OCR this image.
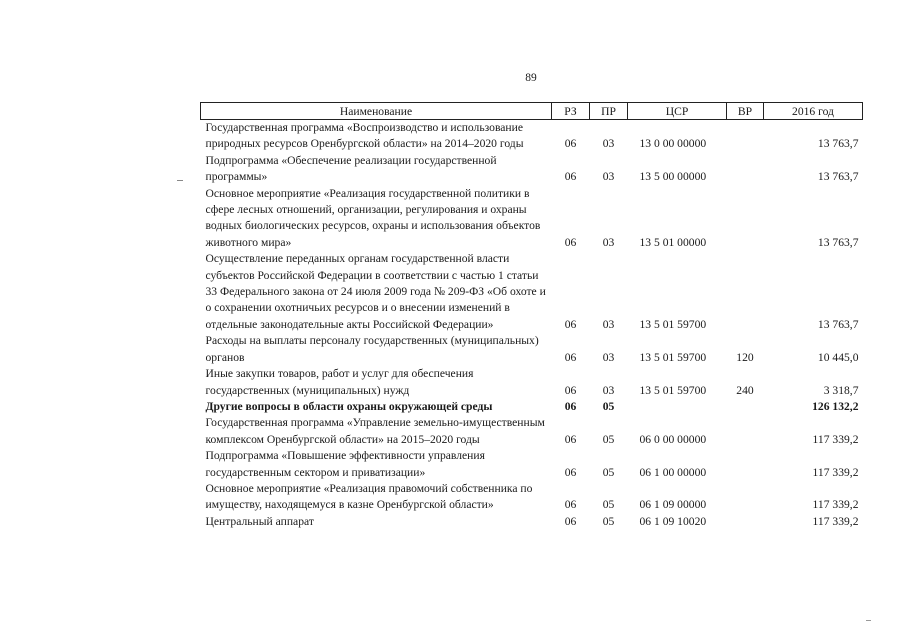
89
Наименование	РЗ	ПР	ЦСР	ВР	2016 год
Государственная программа «Воспроизводство и использование природных ресурсов Оренбургской области» на 2014–2020 годы	06	03	13 0 00 00000		13 763,7
Подпрограмма «Обеспечение реализации государственной программы»	06	03	13 5 00 00000		13 763,7
Основное мероприятие «Реализация государственной политики в сфере лесных отношений, организации, регулирования и охраны водных биологических ресурсов, охраны и использования объектов животного мира»	06	03	13 5 01 00000		13 763,7
Осуществление переданных органам государственной власти субъектов Российской Федерации в соответствии с частью 1 статьи 33 Федерального закона от 24 июля 2009 года № 209-ФЗ «Об охоте и о сохранении охотничьих ресурсов и о внесении изменений в отдельные законодательные акты Российской Федерации»	06	03	13 5 01 59700		13 763,7
Расходы на выплаты персоналу государственных (муниципальных) органов	06	03	13 5 01 59700	120	10 445,0
Иные закупки товаров, работ и услуг для обеспечения государственных (муниципальных) нужд	06	03	13 5 01 59700	240	3 318,7
Другие вопросы в области охраны окружающей среды	06	05			126 132,2
Государственная программа «Управление земельно-имущественным комплексом Оренбургской области» на 2015–2020 годы	06	05	06 0 00 00000		117 339,2
Подпрограмма «Повышение эффективности управления государственным сектором и приватизации»	06	05	06 1 00 00000		117 339,2
Основное мероприятие «Реализация правомочий собственника по имуществу, находящемуся в казне Оренбургской области»	06	05	06 1 09 00000		117 339,2
Центральный аппарат	06	05	06 1 09 10020		117 339,2
